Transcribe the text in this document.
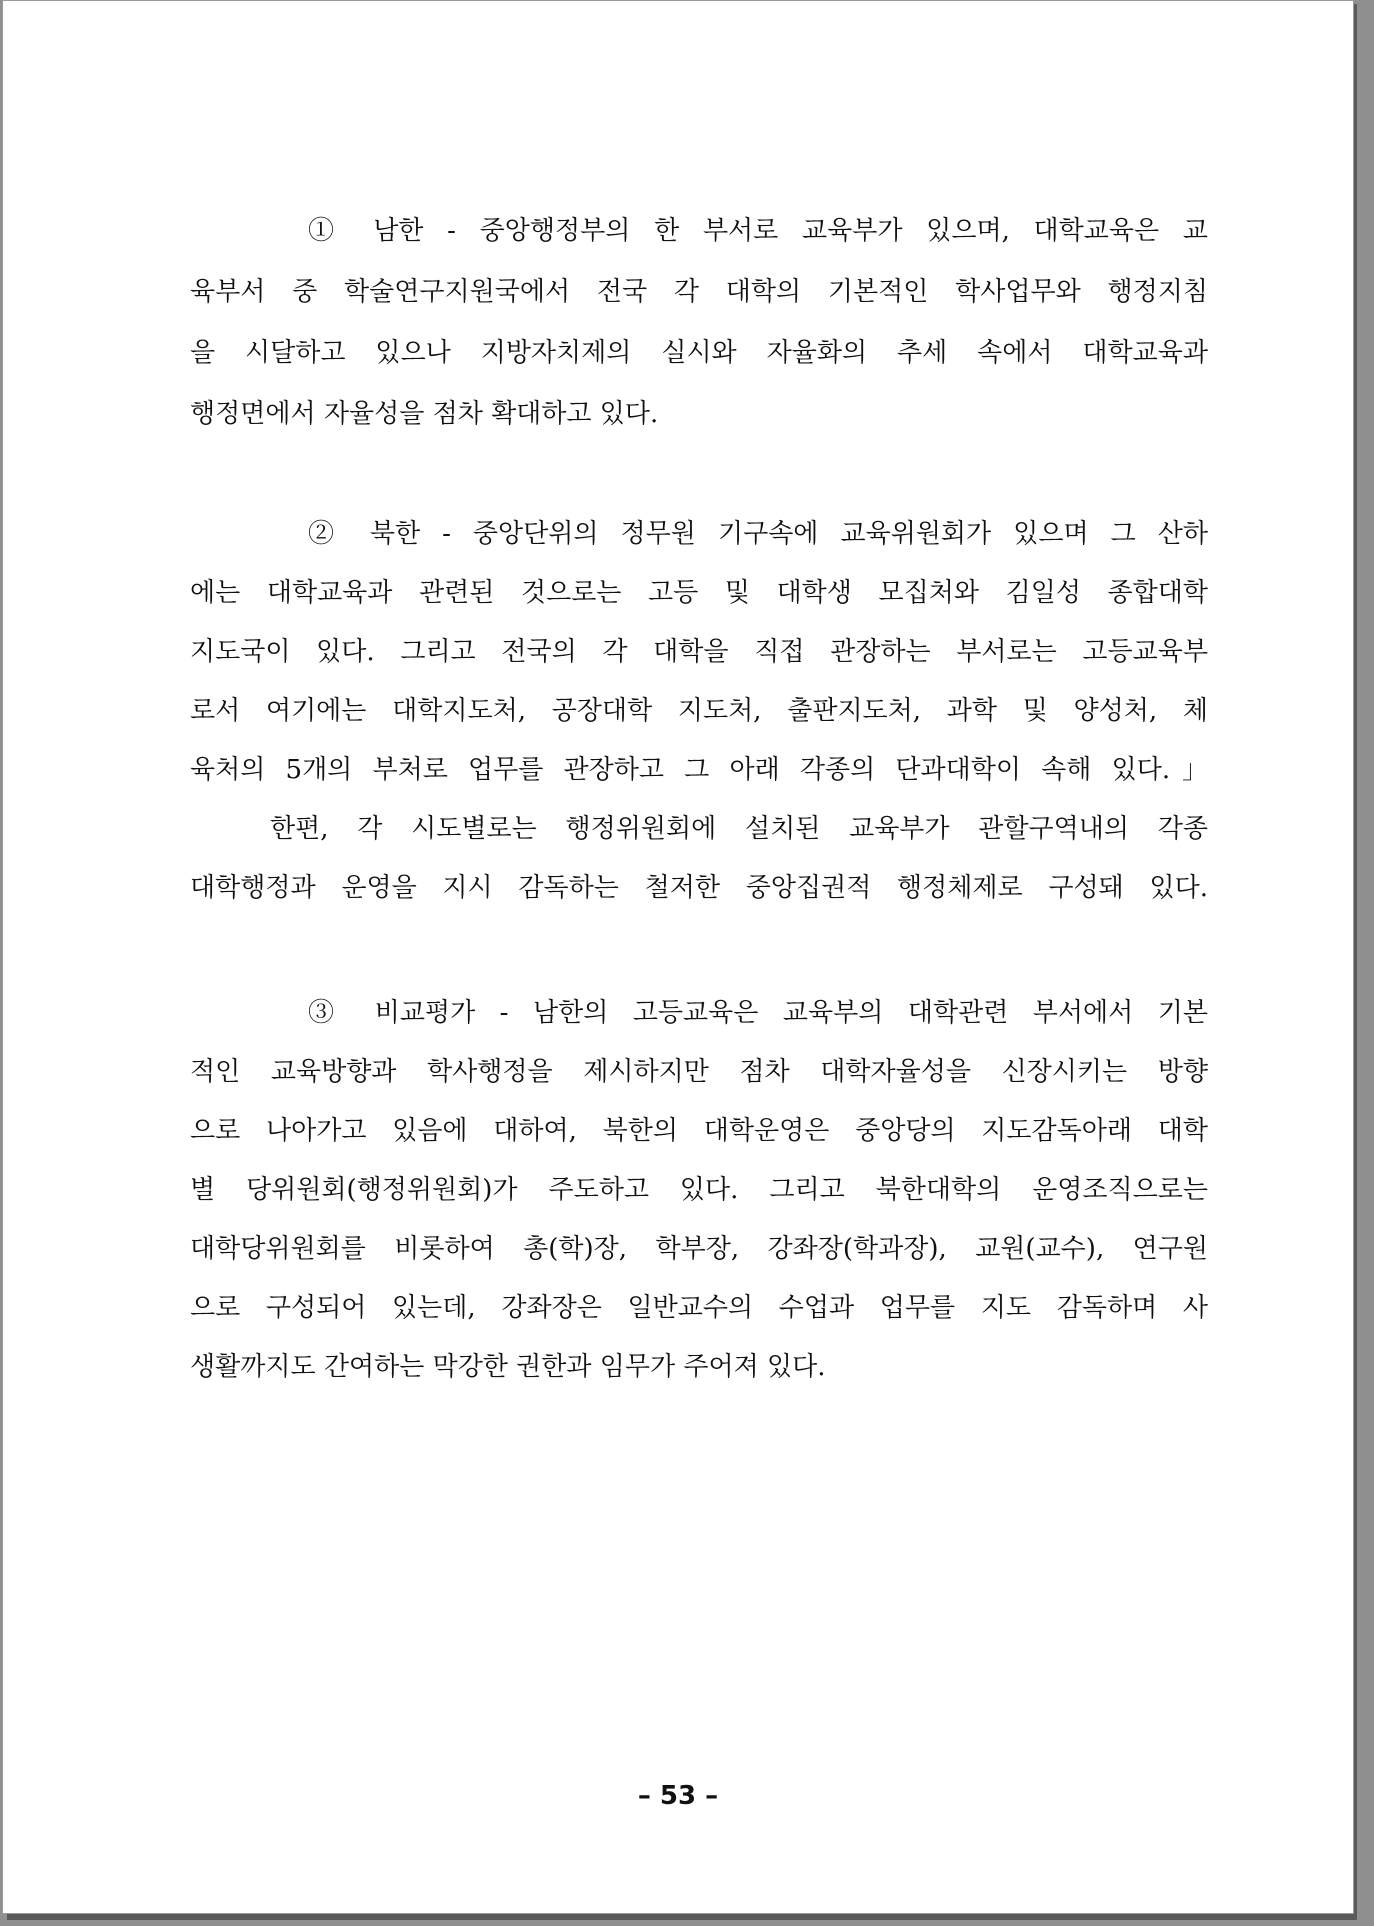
① 남한 - 중앙행정부의 한 부서로 교육부가 있으며, 대학교육은 교
육부서 중 학술연구지원국에서 전국 각 대학의 기본적인 학사업무와 행정지침
을 시달하고 있으나 지방자치제의 실시와 자율화의 추세 속에서 대학교육과
행정면에서 자율성을 점차 확대하고 있다.
② 북한 - 중앙단위의 정무원 기구속에 교육위원회가 있으며 그 산하
에는 대학교육과 관련된 것으로는 고등 및 대학생 모집처와 김일성 종합대학
지도국이 있다. 그리고 전국의 각 대학을 직접 관장하는 부서로는 고등교육부
로서 여기에는 대학지도처, 공장대학 지도처, 출판지도처, 과학 및 양성처, 체
육처의 5개의 부처로 업무를 관장하고 그 아래 각종의 단과대학이 속해 있다.」
한편, 각 시도별로는 행정위원회에 설치된 교육부가 관할구역내의 각종
대학행정과 운영을 지시 감독하는 철저한 중앙집권적 행정체제로 구성돼 있다.
③ 비교평가 - 남한의 고등교육은 교육부의 대학관련 부서에서 기본
적인 교육방향과 학사행정을 제시하지만 점차 대학자율성을 신장시키는 방향
으로 나아가고 있음에 대하여, 북한의 대학운영은 중앙당의 지도감독아래 대학
별 당위원회(행정위원회)가 주도하고 있다. 그리고 북한대학의 운영조직으로는
대학당위원회를 비롯하여 총(학)장, 학부장, 강좌장(학과장), 교원(교수), 연구원
으로 구성되어 있는데, 강좌장은 일반교수의 수업과 업무를 지도 감독하며 사
생활까지도 간여하는 막강한 권한과 임무가 주어져 있다.
– 53 –
